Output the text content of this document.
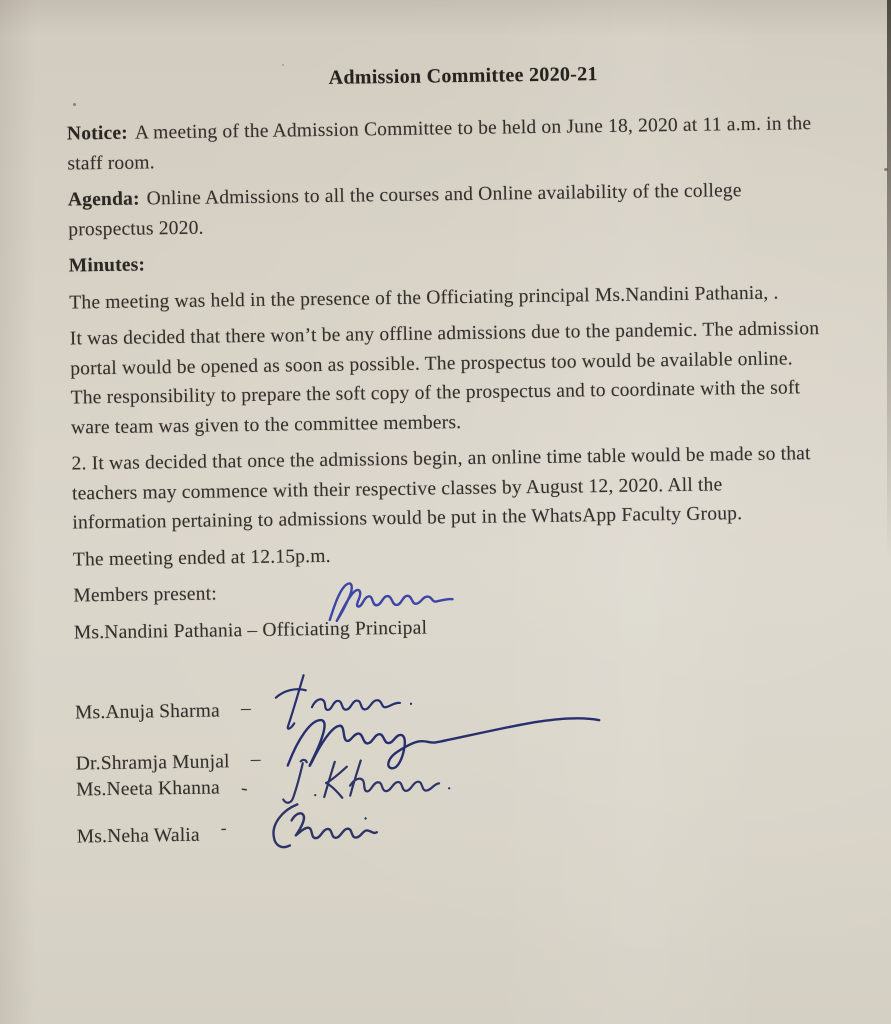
Admission Committee 2020-21

Notice: A meeting of the Admission Committee to be held on June 18, 2020 at 11 a.m. in the
staff room.

Agenda: Online Admissions to all the courses and Online availability of the college
prospectus 2020.

Minutes:

The meeting was held in the presence of the Officiating principal Ms.Nandini Pathania, .

It was decided that there won’t be any offline admissions due to the pandemic. The admission
portal would be opened as soon as possible. The prospectus too would be available online.
The responsibility to prepare the soft copy of the prospectus and to coordinate with the soft
ware team was given to the committee members.

2. It was decided that once the admissions begin, an online time table would be made so that
teachers may commence with their respective classes by August 12, 2020. All the
information pertaining to admissions would be put in the WhatsApp Faculty Group.

The meeting ended at 12.15p.m.

Members present:

Ms.Nandini Pathania – Officiating Principal
Ms.Anuja Sharma –
Dr.Shramja Munjal –
Ms.Neeta Khanna -
Ms.Neha Walia -
